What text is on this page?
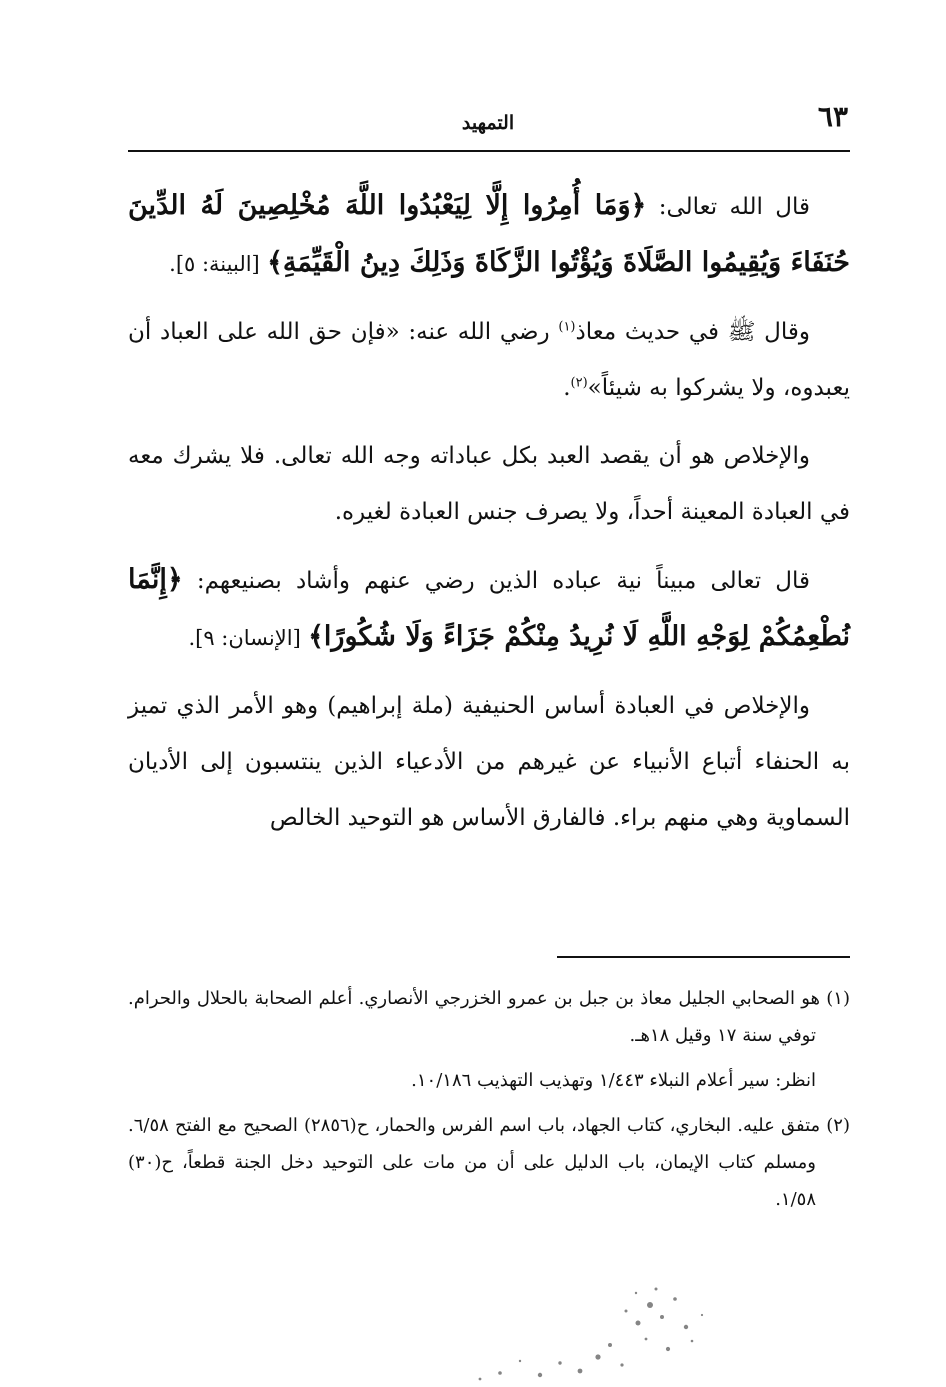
التمهيد	٦٣

قال الله تعالى: ﴿وَمَا أُمِرُوا إِلَّا لِيَعْبُدُوا اللَّهَ مُخْلِصِينَ لَهُ الدِّينَ حُنَفَاءَ وَيُقِيمُوا الصَّلَاةَ وَيُؤْتُوا الزَّكَاةَ وَذَلِكَ دِينُ الْقَيِّمَةِ﴾ [البينة: ٥].

وقال ﷺ في حديث معاذ$^{(١)}$ رضي الله عنه: «فإن حق الله على العباد أن يعبدوه، ولا يشركوا به شيئاً»$^{(٢)}$.

والإخلاص هو أن يقصد العبد بكل عباداته وجه الله تعالى. فلا يشرك معه في العبادة المعينة أحداً، ولا يصرف جنس العبادة لغيره.

قال تعالى مبيناً نية عباده الذين رضي عنهم وأشاد بصنيعهم: ﴿إِنَّمَا نُطْعِمُكُمْ لِوَجْهِ اللَّهِ لَا نُرِيدُ مِنْكُمْ جَزَاءً وَلَا شُكُورًا﴾ [الإنسان: ٩].

والإخلاص في العبادة أساس الحنيفية (ملة إبراهيم) وهو الأمر الذي تميز به الحنفاء أتباع الأنبياء عن غيرهم من الأدعياء الذين ينتسبون إلى الأديان السماوية وهي منهم براء. فالفارق الأساس هو التوحيد الخالص

(١) هو الصحابي الجليل معاذ بن جبل بن عمرو الخزرجي الأنصاري. أعلم الصحابة بالحلال والحرام. توفي سنة ١٧ وقيل ١٨هـ.

انظر: سير أعلام النبلاء ١/٤٤٣ وتهذيب التهذيب ١٠/١٨٦.

(٢) متفق عليه. البخاري، كتاب الجهاد، باب اسم الفرس والحمار، ح(٢٨٥٦) الصحيح مع الفتح ٦/٥٨. ومسلم كتاب الإيمان، باب الدليل على أن من مات على التوحيد دخل الجنة قطعاً، ح(٣٠) ١/٥٨.
